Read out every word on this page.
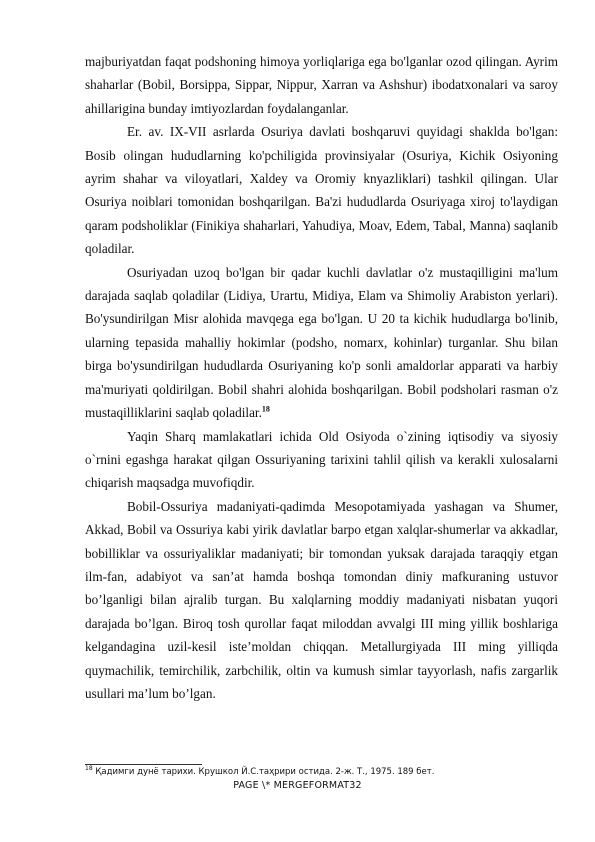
majburiyatdan faqat podshoning himoya yorliqlariga ega bo'lganlar ozod qilingan. Ayrim shaharlar (Bobil, Borsippa, Sippar, Nippur, Xarran va Ashshur) ibodatxonalari va saroy ahillarigina bunday imtiyozlardan foydalanganlar.

Er. av. IX-VII asrlarda Osuriya davlati boshqaruvi quyidagi shaklda bo'lgan: Bosib olingan hududlarning ko'pchiligida provinsiyalar (Osuriya, Kichik Osiyoning ayrim shahar va viloyatlari, Xaldey va Oromiy knyazliklari) tashkil qilingan. Ular Osuriya noiblari tomonidan boshqarilgan. Ba'zi hududlarda Osuriyaga xiroj to'laydigan qaram podsholiklar (Finikiya shaharlari, Yahudiya, Moav, Edem, Tabal, Manna) saqlanib qoladilar.

Osuriyadan uzoq bo'lgan bir qadar kuchli davlatlar o'z mustaqilligini ma'lum darajada saqlab qoladilar (Lidiya, Urartu, Midiya, Elam va Shimoliy Arabiston yerlari). Bo'ysundirilgan Misr alohida mavqega ega bo'lgan. U 20 ta kichik hududlarga bo'linib, ularning tepasida mahalliy hokimlar (podsho, nomarx, kohinlar) turganlar. Shu bilan birga bo'ysundirilgan hududlarda Osuriyaning ko'p sonli amaldorlar apparati va harbiy ma'muriyati qoldirilgan. Bobil shahri alohida boshqarilgan. Bobil podsholari rasman o'z mustaqilliklarini saqlab qoladilar.$^{18}$

Yaqin Sharq mamlakatlari ichida Old Osiyoda o`zining iqtisodiy va siyosiy o`rnini egashga harakat qilgan Ossuriyaning tarixini tahlil qilish va kerakli xulosalarni chiqarish maqsadga muvofiqdir.

Bobil-Ossuriya madaniyati-qadimda Mesopotamiyada yashagan va Shumer, Akkad, Bobil va Ossuriya kabi yirik davlatlar barpo etgan xalqlar-shumerlar va akkadlar, bobilliklar va ossuriyaliklar madaniyati; bir tomondan yuksak darajada taraqqiy etgan ilm-fan, adabiyot va san’at hamda boshqa tomondan diniy mafkuraning ustuvor bo’lganligi bilan ajralib turgan. Bu xalqlarning moddiy madaniyati nisbatan yuqori darajada bo’lgan. Biroq tosh qurollar faqat miloddan avvalgi III ming yillik boshlariga kelgandagina uzil-kesil iste’moldan chiqqan. Metallurgiyada III ming yilliqda quymachilik, temirchilik, zarbchilik, oltin va kumush simlar tayyorlash, nafis zargarlik usullari ma’lum bo’lgan.

$^{18}$ Қадимги дунё тарихи. Крушкол Й.С.таҳрири остида. 2-ж. Т., 1975. 189 бет.
PAGE \* MERGEFORMAT32
